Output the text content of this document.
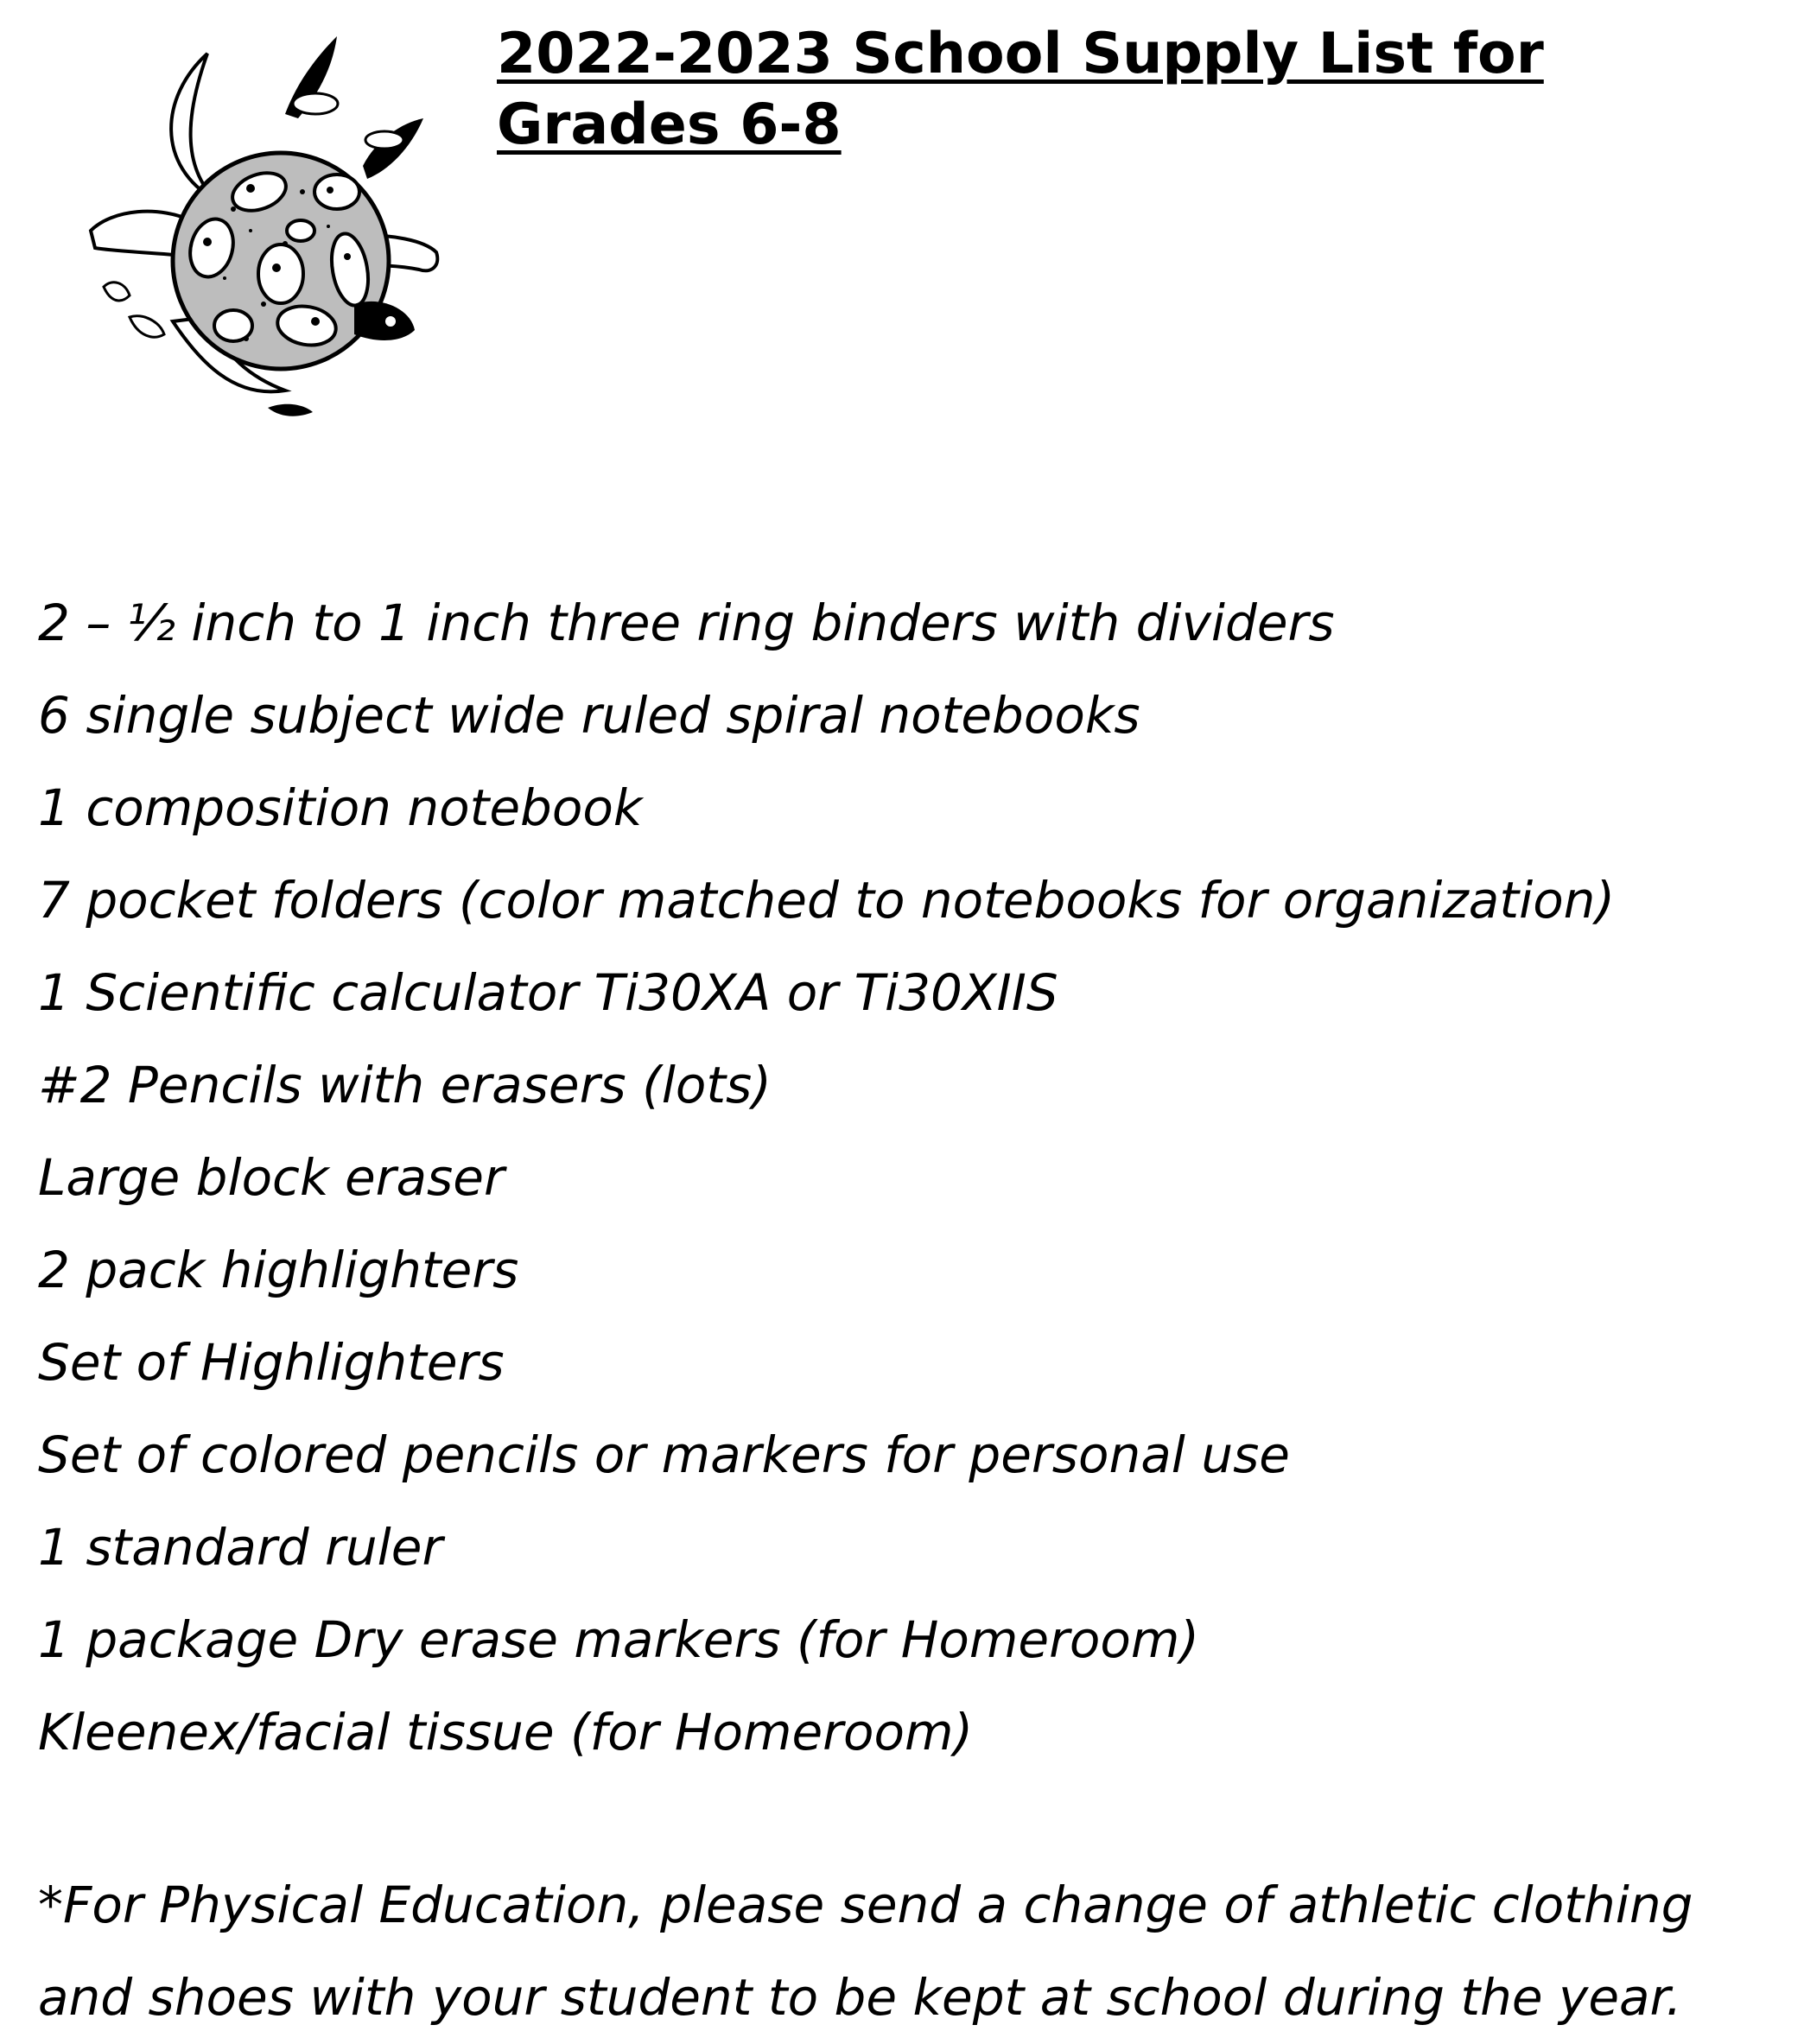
2022-2023 School Supply List for
Grades 6-8
2 – ½ inch to 1 inch three ring binders with dividers
6 single subject wide ruled spiral notebooks
1 composition notebook
7 pocket folders (color matched to notebooks for organization)
1 Scientific calculator Ti30XA or Ti30XIIS
#2 Pencils with erasers (lots)
Large block eraser
2 pack highlighters
Set of Highlighters
Set of colored pencils or markers for personal use
1 standard ruler
1 package Dry erase markers (for Homeroom)
Kleenex/facial tissue (for Homeroom)

*For Physical Education, please send a change of athletic clothing
and shoes with your student to be kept at school during the year.
